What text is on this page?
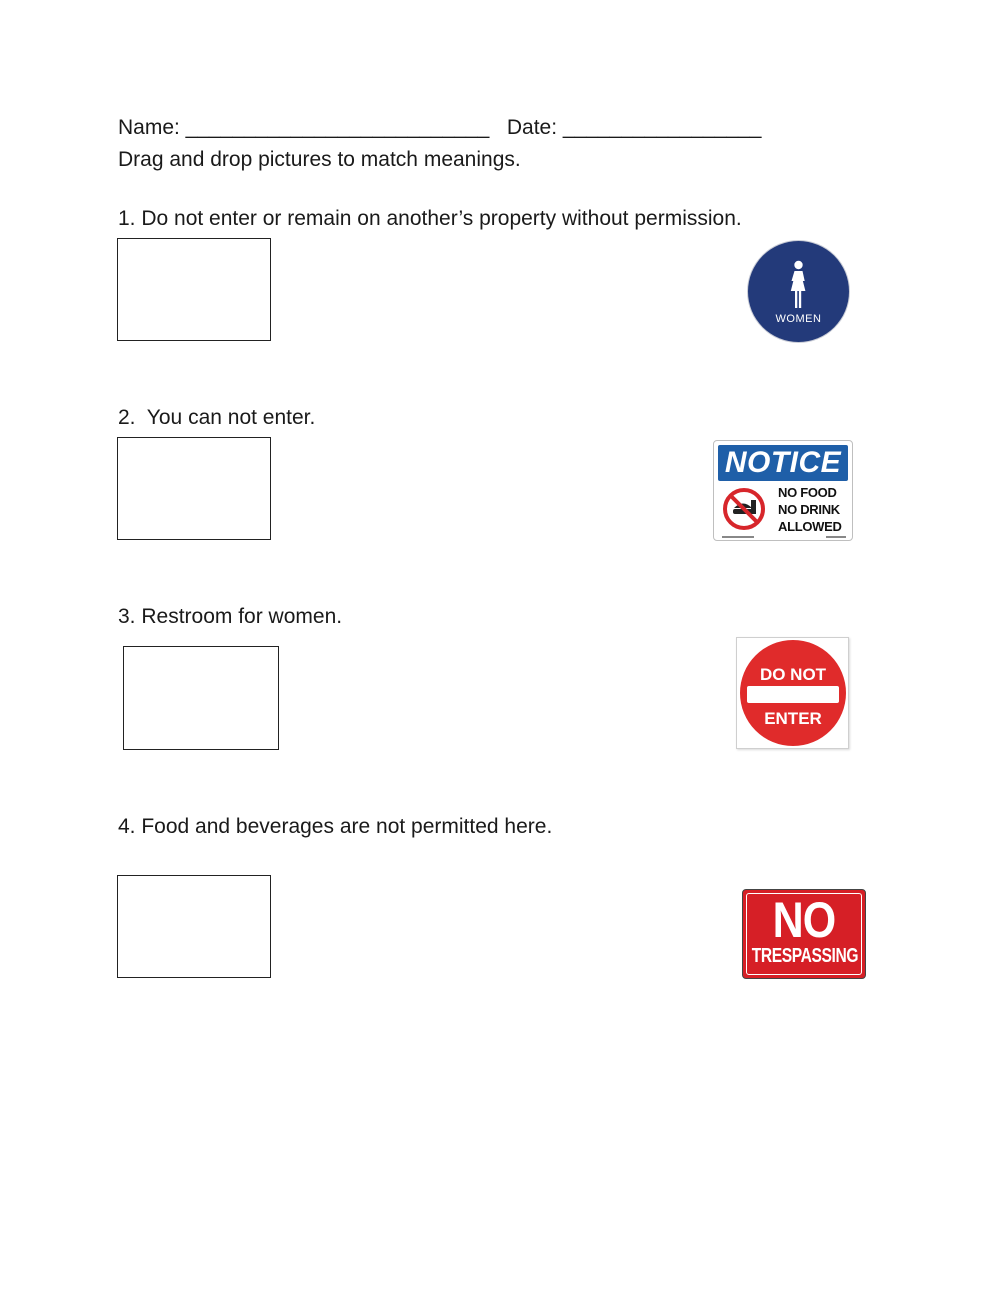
Name: __________________________ Date: _________________
Drag and drop pictures to match meanings.
1. Do not enter or remain on another’s property without permission.
2.  You can not enter.
3. Restroom for women.
4. Food and beverages are not permitted here.
WOMEN
NOTICE
NO FOOD
NO DRINK
ALLOWED
DO NOT
ENTER
NO
TRESPASSING
